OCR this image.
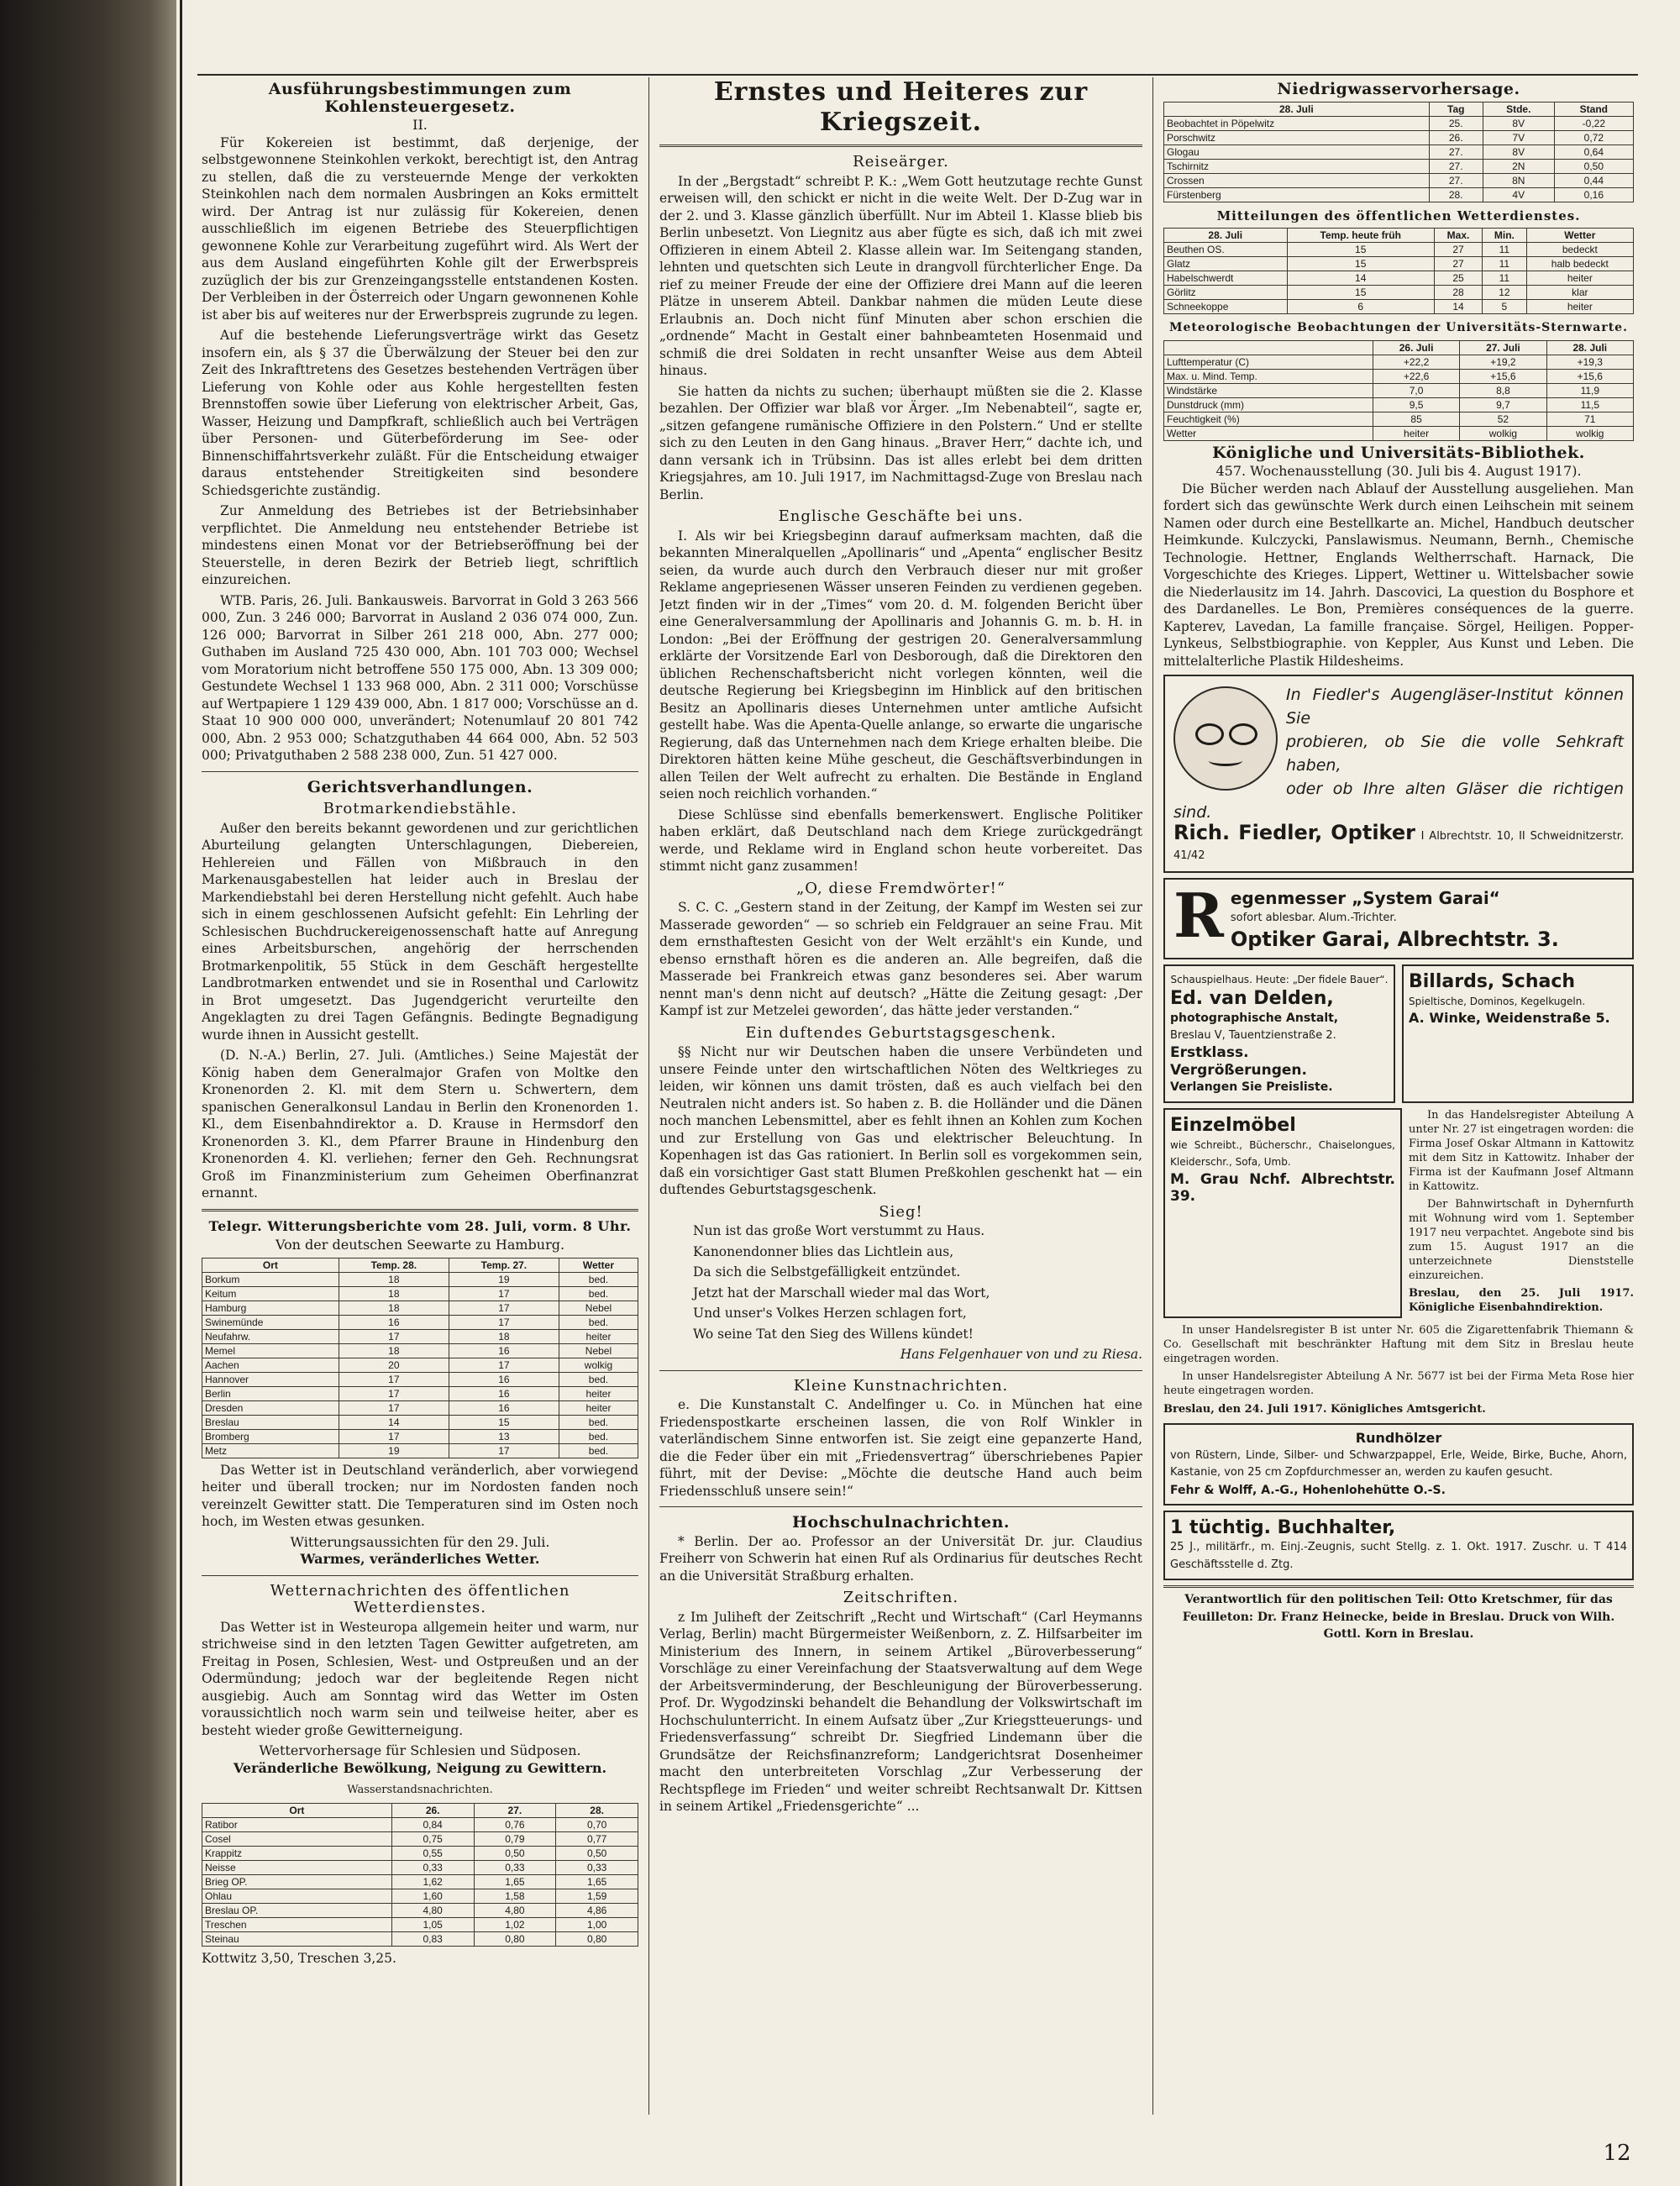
Ausführungsbestimmungen zum Kohlensteuergesetz.
II.

Für Kokereien ist bestimmt, daß derjenige, der selbstgewonnene Steinkohlen verkokt, berechtigt ist, den Antrag zu stellen, daß die zu versteuernde Menge der verkokten Steinkohlen nach dem normalen Ausbringen an Koks ermittelt wird. Der Antrag ist nur zulässig für Kokereien, denen ausschließlich im eigenen Betriebe des Steuerpflichtigen gewonnene Kohle zur Verarbeitung zugeführt wird. Als Wert der aus dem Ausland eingeführten Kohle gilt der Erwerbspreis zuzüglich der bis zur Grenzeingangsstelle entstandenen Kosten. Der Verbleiben in der Österreich oder Ungarn gewonnenen Kohle ist aber bis auf weiteres nur der Erwerbspreis zugrunde zu legen.

Auf die bestehende Lieferungsverträge wirkt das Gesetz insofern ein, als § 37 die Überwälzung der Steuer bei den zur Zeit des Inkrafttretens des Gesetzes bestehenden Verträgen über Lieferung von Kohle oder aus Kohle hergestellten festen Brennstoffen sowie über Lieferung von elektrischer Arbeit, Gas, Wasser, Heizung und Dampfkraft, schließlich auch bei Verträgen über Personen- und Güterbeförderung im See- oder Binnenschiffahrtsverkehr zuläßt. Für die Entscheidung etwaiger daraus entstehender Streitigkeiten sind besondere Schiedsgerichte zuständig.

Zur Anmeldung des Betriebes ist der Betriebsinhaber verpflichtet. Die Anmeldung neu entstehender Betriebe ist mindestens einen Monat vor der Betriebseröffnung bei der Steuerstelle, in deren Bezirk der Betrieb liegt, schriftlich einzureichen.

WTB. Paris, 26. Juli. Bankausweis. Barvorrat in Gold 3 263 566 000, Zun. 3 246 000; Barvorrat in Ausland 2 036 074 000, Zun. 126 000; Barvorrat in Silber 261 218 000, Abn. 277 000; Guthaben im Ausland 725 430 000, Abn. 101 703 000; Wechsel vom Moratorium nicht betroffene 550 175 000, Abn. 13 309 000; Gestundete Wechsel 1 133 968 000, Abn. 2 311 000; Vorschüsse auf Wertpapiere 1 129 439 000, Abn. 1 817 000; Vorschüsse an d. Staat 10 900 000 000, unverändert; Notenumlauf 20 801 742 000, Abn. 2 953 000; Schatzguthaben 44 664 000, Abn. 52 503 000; Privatguthaben 2 588 238 000, Zun. 51 427 000.

Gerichtsverhandlungen.
Brotmarkendiebstähle.

Außer den bereits bekannt gewordenen und zur gerichtlichen Aburteilung gelangten Unterschlagungen, Diebereien, Hehlereien und Fällen von Mißbrauch in den Markenausgabestellen hat leider auch in Breslau der Markendiebstahl bei deren Herstellung nicht gefehlt. Auch habe sich in einem geschlossenen Aufsicht gefehlt: Ein Lehrling der Schlesischen Buchdruckereigenossenschaft hatte auf Anregung eines Arbeitsburschen, angehörig der herrschenden Brotmarkenpolitik, 55 Stück in dem Geschäft hergestellte Landbrotmarken entwendet und sie in Rosenthal und Carlowitz in Brot umgesetzt. Das Jugendgericht verurteilte den Angeklagten zu drei Tagen Gefängnis. Bedingte Begnadigung wurde ihnen in Aussicht gestellt.

(D. N.-A.) Berlin, 27. Juli. (Amtliches.) Seine Majestät der König haben dem Generalmajor Grafen von Moltke den Kronenorden 2. Kl. mit dem Stern u. Schwertern, dem spanischen Generalkonsul Landau in Berlin den Kronenorden 1. Kl., dem Eisenbahndirektor a. D. Krause in Hermsdorf den Kronenorden 3. Kl., dem Pfarrer Braune in Hindenburg den Kronenorden 4. Kl. verliehen; ferner den Geh. Rechnungsrat Groß im Finanzministerium zum Geheimen Oberfinanzrat ernannt.

Telegr. Witterungsberichte vom 28. Juli, vorm. 8 Uhr.
Von der deutschen Seewarte zu Hamburg.
Ort	Temp. 28.	Temp. 27.	Wetter
Borkum	18	19	bed.
Keitum	18	17	bed.
Hamburg	18	17	Nebel
Swinemünde	16	17	bed.
Neufahrw.	17	18	heiter
Memel	18	16	Nebel
Aachen	20	17	wolkig
Hannover	17	16	bed.
Berlin	17	16	heiter
Dresden	17	16	heiter
Breslau	14	15	bed.
Bromberg	17	13	bed.
Metz	19	17	bed.

Das Wetter ist in Deutschland veränderlich, aber vorwiegend heiter und überall trocken; nur im Nordosten fanden noch vereinzelt Gewitter statt. Die Temperaturen sind im Osten noch hoch, im Westen etwas gesunken.

Witterungsaussichten für den 29. Juli.
Warmes, veränderliches Wetter.
Wetternachrichten des öffentlichen Wetterdienstes.

Das Wetter ist in Westeuropa allgemein heiter und warm, nur strichweise sind in den letzten Tagen Gewitter aufgetreten, am Freitag in Posen, Schlesien, West- und Ostpreußen und an der Odermündung; jedoch war der begleitende Regen nicht ausgiebig. Auch am Sonntag wird das Wetter im Osten voraussichtlich noch warm sein und teilweise heiter, aber es besteht wieder große Gewitterneigung.

Wettervorhersage für Schlesien und Südposen.
Veränderliche Bewölkung, Neigung zu Gewittern.
Wasserstandsnachrichten.
Ort	26.	27.	28.
Ratibor	0,84	0,76	0,70
Cosel	0,75	0,79	0,77
Krappitz	0,55	0,50	0,50
Neisse	0,33	0,33	0,33
Brieg OP.	1,62	1,65	1,65
Ohlau	1,60	1,58	1,59
Breslau OP.	4,80	4,80	4,86
Treschen	1,05	1,02	1,00
Steinau	0,83	0,80	0,80

Kottwitz 3,50, Treschen 3,25.

Ernstes und Heiteres zur Kriegszeit.
Reiseärger.

In der „Bergstadt“ schreibt P. K.: „Wem Gott heutzutage rechte Gunst erweisen will, den schickt er nicht in die weite Welt. Der D-Zug war in der 2. und 3. Klasse gänzlich überfüllt. Nur im Abteil 1. Klasse blieb bis Berlin unbesetzt. Von Liegnitz aus aber fügte es sich, daß ich mit zwei Offizieren in einem Abteil 2. Klasse allein war. Im Seitengang standen, lehnten und quetschten sich Leute in drangvoll fürchterlicher Enge. Da rief zu meiner Freude der eine der Offiziere drei Mann auf die leeren Plätze in unserem Abteil. Dankbar nahmen die müden Leute diese Erlaubnis an. Doch nicht fünf Minuten aber schon erschien die „ordnende“ Macht in Gestalt einer bahnbeamteten Hosenmaid und schmiß die drei Soldaten in recht unsanfter Weise aus dem Abteil hinaus.

Sie hatten da nichts zu suchen; überhaupt müßten sie die 2. Klasse bezahlen. Der Offizier war blaß vor Ärger. „Im Nebenabteil“, sagte er, „sitzen gefangene rumänische Offiziere in den Polstern.“ Und er stellte sich zu den Leuten in den Gang hinaus. „Braver Herr,“ dachte ich, und dann versank ich in Trübsinn. Das ist alles erlebt bei dem dritten Kriegsjahres, am 10. Juli 1917, im Nachmittagsd-Zuge von Breslau nach Berlin.

Englische Geschäfte bei uns.

I. Als wir bei Kriegsbeginn darauf aufmerksam machten, daß die bekannten Mineralquellen „Apollinaris“ und „Apenta“ englischer Besitz seien, da wurde auch durch den Verbrauch dieser nur mit großer Reklame angepriesenen Wässer unseren Feinden zu verdienen gegeben. Jetzt finden wir in der „Times“ vom 20. d. M. folgenden Bericht über eine Generalversammlung der Apollinaris and Johannis G. m. b. H. in London: „Bei der Eröffnung der gestrigen 20. Generalversammlung erklärte der Vorsitzende Earl von Desborough, daß die Direktoren den üblichen Rechenschaftsbericht nicht vorlegen könnten, weil die deutsche Regierung bei Kriegsbeginn im Hinblick auf den britischen Besitz an Apollinaris dieses Unternehmen unter amtliche Aufsicht gestellt habe. Was die Apenta-Quelle anlange, so erwarte die ungarische Regierung, daß das Unternehmen nach dem Kriege erhalten bleibe. Die Direktoren hätten keine Mühe gescheut, die Geschäftsverbindungen in allen Teilen der Welt aufrecht zu erhalten. Die Bestände in England seien noch reichlich vorhanden.“

Diese Schlüsse sind ebenfalls bemerkenswert. Englische Politiker haben erklärt, daß Deutschland nach dem Kriege zurückgedrängt werde, und Reklame wird in England schon heute vorbereitet. Das stimmt nicht ganz zusammen!

„O, diese Fremdwörter!“

S. C. C. „Gestern stand in der Zeitung, der Kampf im Westen sei zur Masserade geworden“ — so schrieb ein Feldgrauer an seine Frau. Mit dem ernsthaftesten Gesicht von der Welt erzählt's ein Kunde, und ebenso ernsthaft hören es die anderen an. Alle begreifen, daß die Masserade bei Frankreich etwas ganz besonderes sei. Aber warum nennt man's denn nicht auf deutsch? „Hätte die Zeitung gesagt: ‚Der Kampf ist zur Metzelei geworden‘, das hätte jeder verstanden.“

Ein duftendes Geburtstagsgeschenk.

§§ Nicht nur wir Deutschen haben die unsere Verbündeten und unsere Feinde unter den wirtschaftlichen Nöten des Weltkrieges zu leiden, wir können uns damit trösten, daß es auch vielfach bei den Neutralen nicht anders ist. So haben z. B. die Holländer und die Dänen noch manchen Lebensmittel, aber es fehlt ihnen an Kohlen zum Kochen und zur Erstellung von Gas und elektrischer Beleuchtung. In Kopenhagen ist das Gas rationiert. In Berlin soll es vorgekommen sein, daß ein vorsichtiger Gast statt Blumen Preßkohlen geschenkt hat — ein duftendes Geburtstagsgeschenk.

Sieg!

Nun ist das große Wort verstummt zu Haus.

Kanonendonner blies das Lichtlein aus,

Da sich die Selbstgefälligkeit entzündet.

Jetzt hat der Marschall wieder mal das Wort,

Und unser's Volkes Herzen schlagen fort,

Wo seine Tat den Sieg des Willens kündet!

Hans Felgenhauer von und zu Riesa.

Kleine Kunstnachrichten.

e. Die Kunstanstalt C. Andelfinger u. Co. in München hat eine Friedenspostkarte erscheinen lassen, die von Rolf Winkler in vaterländischem Sinne entworfen ist. Sie zeigt eine gepanzerte Hand, die die Feder über ein mit „Friedensvertrag“ überschriebenes Papier führt, mit der Devise: „Möchte die deutsche Hand auch beim Friedensschluß unsere sein!“

Hochschulnachrichten.

* Berlin. Der ao. Professor an der Universität Dr. jur. Claudius Freiherr von Schwerin hat einen Ruf als Ordinarius für deutsches Recht an die Universität Straßburg erhalten.

Zeitschriften.

z Im Juliheft der Zeitschrift „Recht und Wirtschaft“ (Carl Heymanns Verlag, Berlin) macht Bürgermeister Weißenborn, z. Z. Hilfsarbeiter im Ministerium des Innern, in seinem Artikel „Büroverbesserung“ Vorschläge zu einer Vereinfachung der Staatsverwaltung auf dem Wege der Arbeitsverminderung, der Beschleunigung der Büroverbesserung. Prof. Dr. Wygodzinski behandelt die Behandlung der Volkswirtschaft im Hochschulunterricht. In einem Aufsatz über „Zur Kriegstteuerungs- und Friedensverfassung“ schreibt Dr. Siegfried Lindemann über die Grundsätze der Reichsfinanzreform; Landgerichtsrat Dosenheimer macht den unterbreiteten Vorschlag „Zur Verbesserung der Rechtspflege im Frieden“ und weiter schreibt Rechtsanwalt Dr. Kittsen in seinem Artikel „Friedensgerichte“ ...

Niedrigwasservorhersage.
28. Juli	Tag	Stde.	Stand
Beobachtet in Pöpelwitz	25.	8V	-0,22
Porschwitz	26.	7V	0,72
Glogau	27.	8V	0,64
Tschirnitz	27.	2N	0,50
Crossen	27.	8N	0,44
Fürstenberg	28.	4V	0,16
Mitteilungen des öffentlichen Wetterdienstes.
28. Juli	Temp. heute früh	Max.	Min.	Wetter
Beuthen OS.	15	27	11	bedeckt
Glatz	15	27	11	halb bedeckt
Habelschwerdt	14	25	11	heiter
Görlitz	15	28	12	klar
Schneekoppe	6	14	5	heiter
Meteorologische Beobachtungen der Universitäts-Sternwarte.
	26. Juli	27. Juli	28. Juli
Lufttemperatur (C)	+22,2	+19,2	+19,3
Max. u. Mind. Temp.	+22,6	+15,6	+15,6
Windstärke	7,0	8,8	11,9
Dunstdruck (mm)	9,5	9,7	11,5
Feuchtigkeit (%)	85	52	71
Wetter	heiter	wolkig	wolkig
Königliche und Universitäts-Bibliothek.
457. Wochenausstellung (30. Juli bis 4. August 1917).

Die Bücher werden nach Ablauf der Ausstellung ausgeliehen. Man fordert sich das gewünschte Werk durch einen Leihschein mit seinem Namen oder durch eine Bestellkarte an. Michel, Handbuch deutscher Heimkunde. Kulczycki, Panslawismus. Neumann, Bernh., Chemische Technologie. Hettner, Englands Weltherrschaft. Harnack, Die Vorgeschichte des Krieges. Lippert, Wettiner u. Wittelsbacher sowie die Niederlausitz im 14. Jahrh. Dascovici, La question du Bosphore et des Dardanelles. Le Bon, Premières conséquences de la guerre. Kapterev, Lavedan, La famille française. Sörgel, Heiligen. Popper-Lynkeus, Selbstbiographie. von Keppler, Aus Kunst und Leben. Die mittelalterliche Plastik Hildesheims.

In Fiedler's Augengläser-Institut können Sie
probieren, ob Sie die volle Sehkraft haben,
oder ob Ihre alten Gläser die richtigen sind.
Rich. Fiedler, Optiker I Albrechtstr. 10, II Schweidnitzerstr. 41/42
R egenmesser „System Garai“
sofort ablesbar. Alum.-Trichter.
Optiker Garai, Albrechtstr. 3.
Schauspielhaus. Heute: „Der fidele Bauer“.
Ed. van Delden,
photographische Anstalt,
Breslau V, Tauentzienstraße 2.
Erstklass. Vergrößerungen.
Verlangen Sie Preisliste.
Billards, Schach
Spieltische, Dominos, Kegelkugeln.
A. Winke, Weidenstraße 5.
Einzelmöbel
wie Schreibt., Bücherschr., Chaiselongues, Kleiderschr., Sofa, Umb.
M. Grau Nchf. Albrechtstr. 39.

In das Handelsregister Abteilung A unter Nr. 27 ist eingetragen worden: die Firma Josef Oskar Altmann in Kattowitz mit dem Sitz in Kattowitz. Inhaber der Firma ist der Kaufmann Josef Altmann in Kattowitz.

Der Bahnwirtschaft in Dyhernfurth mit Wohnung wird vom 1. September 1917 neu verpachtet. Angebote sind bis zum 15. August 1917 an die unterzeichnete Dienststelle einzureichen.

Breslau, den 25. Juli 1917. Königliche Eisenbahndirektion.

In unser Handelsregister B ist unter Nr. 605 die Zigarettenfabrik Thiemann & Co. Gesellschaft mit beschränkter Haftung mit dem Sitz in Breslau heute eingetragen worden.

In unser Handelsregister Abteilung A Nr. 5677 ist bei der Firma Meta Rose hier heute eingetragen worden.

Breslau, den 24. Juli 1917. Königliches Amtsgericht.

Rundhölzer
von Rüstern, Linde, Silber- und Schwarzpappel, Erle, Weide, Birke, Buche, Ahorn, Kastanie, von 25 cm Zopfdurchmesser an, werden zu kaufen gesucht.
Fehr & Wolff, A.-G., Hohenlohehütte O.-S.
1 tüchtig. Buchhalter,
25 J., militärfr., m. Einj.-Zeugnis, sucht Stellg. z. 1. Okt. 1917. Zuschr. u. T 414 Geschäftsstelle d. Ztg.
Verantwortlich für den politischen Teil: Otto Kretschmer, für das Feuilleton: Dr. Franz Heinecke, beide in Breslau. Druck von Wilh. Gottl. Korn in Breslau.
12
